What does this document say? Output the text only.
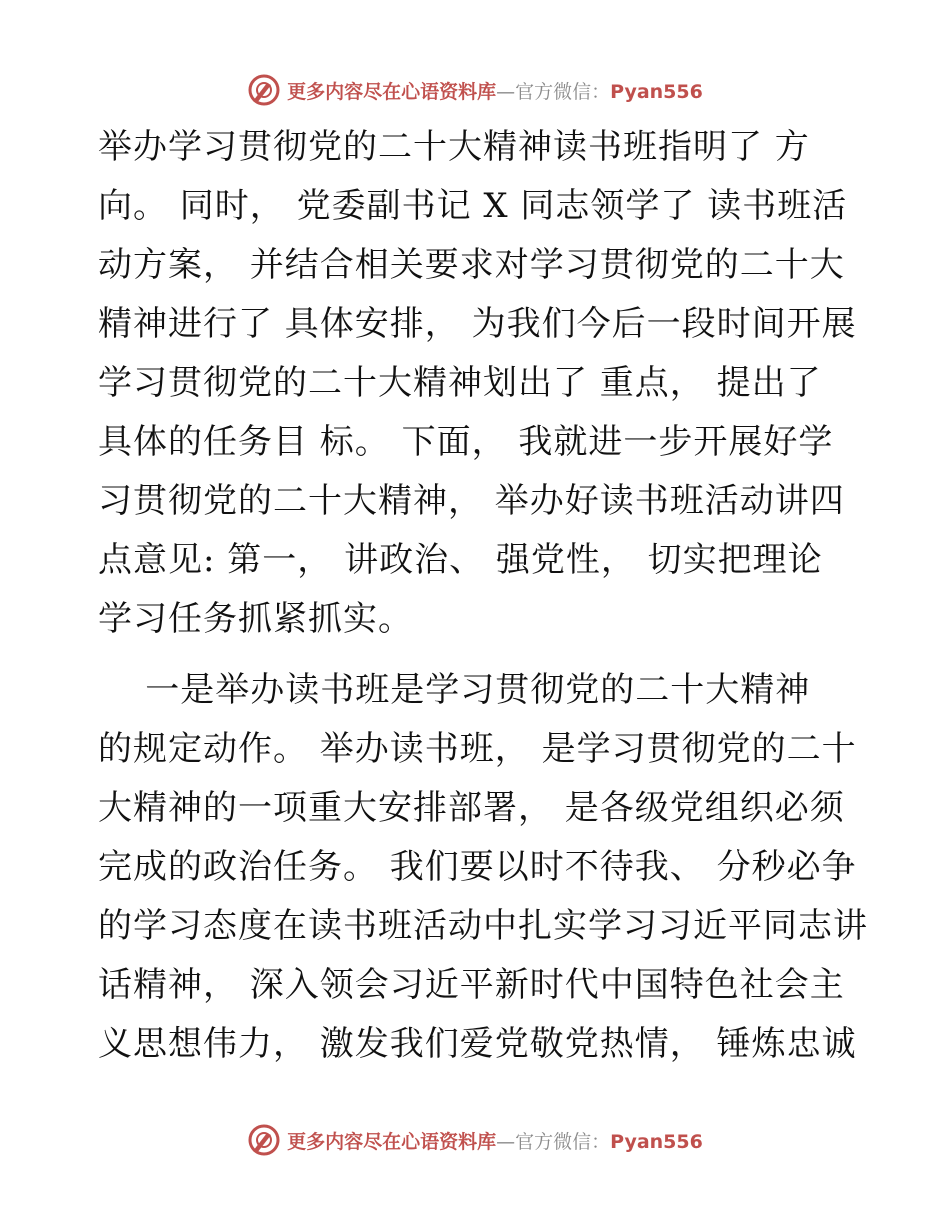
更多内容尽在心语资料库—官方微信：Pyan556
举办学习贯彻党的二十大精神读书班指明了 方
向。 同时， 党委副书记 X 同志领学了 读书班活
动方案， 并结合相关要求对学习贯彻党的二十大
精神进行了 具体安排， 为我们今后一段时间开展
学习贯彻党的二十大精神划出了 重点， 提出了
具体的任务目 标。 下面， 我就进一步开展好学
习贯彻党的二十大精神， 举办好读书班活动讲四
点意见: 第一， 讲政治、 强党性， 切实把理论
学习任务抓紧抓实。
一是举办读书班是学习贯彻党的二十大精神
的规定动作。 举办读书班， 是学习贯彻党的二十
大精神的一项重大安排部署， 是各级党组织必须
完成的政治任务。 我们要以时不待我、 分秒必争
的学习态度在读书班活动中扎实学习习近平同志讲
话精神， 深入领会习近平新时代中国特色社会主
义思想伟力， 激发我们爱党敬党热情， 锤炼忠诚
更多内容尽在心语资料库—官方微信：Pyan556
